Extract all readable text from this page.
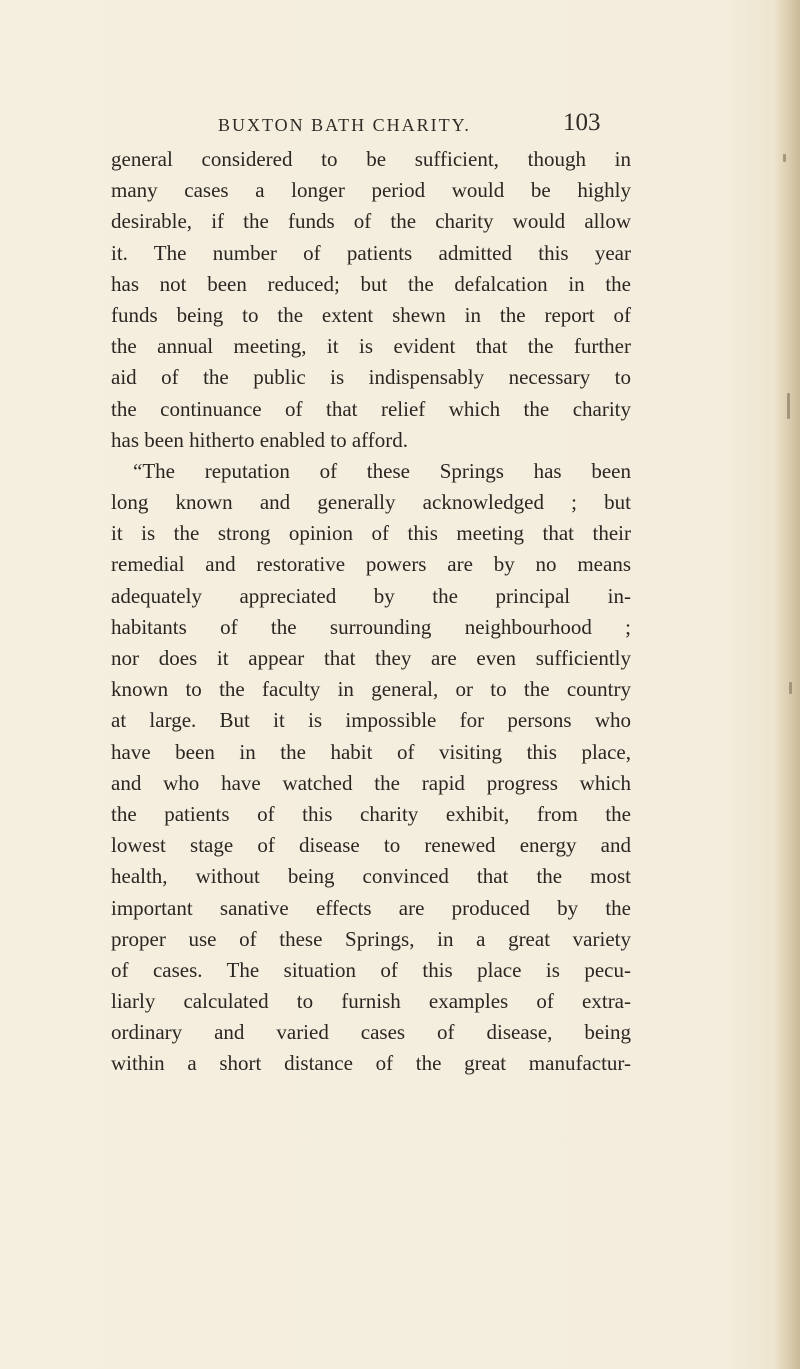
BUXTON BATH CHARITY.	103
general considered to be sufficient, though in
many cases a longer period would be highly
desirable, if the funds of the charity would allow
it. The number of patients admitted this year
has not been reduced; but the defalcation in the
funds being to the extent shewn in the report of
the annual meeting, it is evident that the further
aid of the public is indispensably necessary to
the continuance of that relief which the charity
has been hitherto enabled to afford.
“The reputation of these Springs has been
long known and generally acknowledged ; but
it is the strong opinion of this meeting that their
remedial and restorative powers are by no means
adequately appreciated by the principal in-
habitants of the surrounding neighbourhood ;
nor does it appear that they are even sufficiently
known to the faculty in general, or to the country
at large. But it is impossible for persons who
have been in the habit of visiting this place,
and who have watched the rapid progress which
the patients of this charity exhibit, from the
lowest stage of disease to renewed energy and
health, without being convinced that the most
important sanative effects are produced by the
proper use of these Springs, in a great variety
of cases. The situation of this place is pecu-
liarly calculated to furnish examples of extra-
ordinary and varied cases of disease, being
within a short distance of the great manufactur-
